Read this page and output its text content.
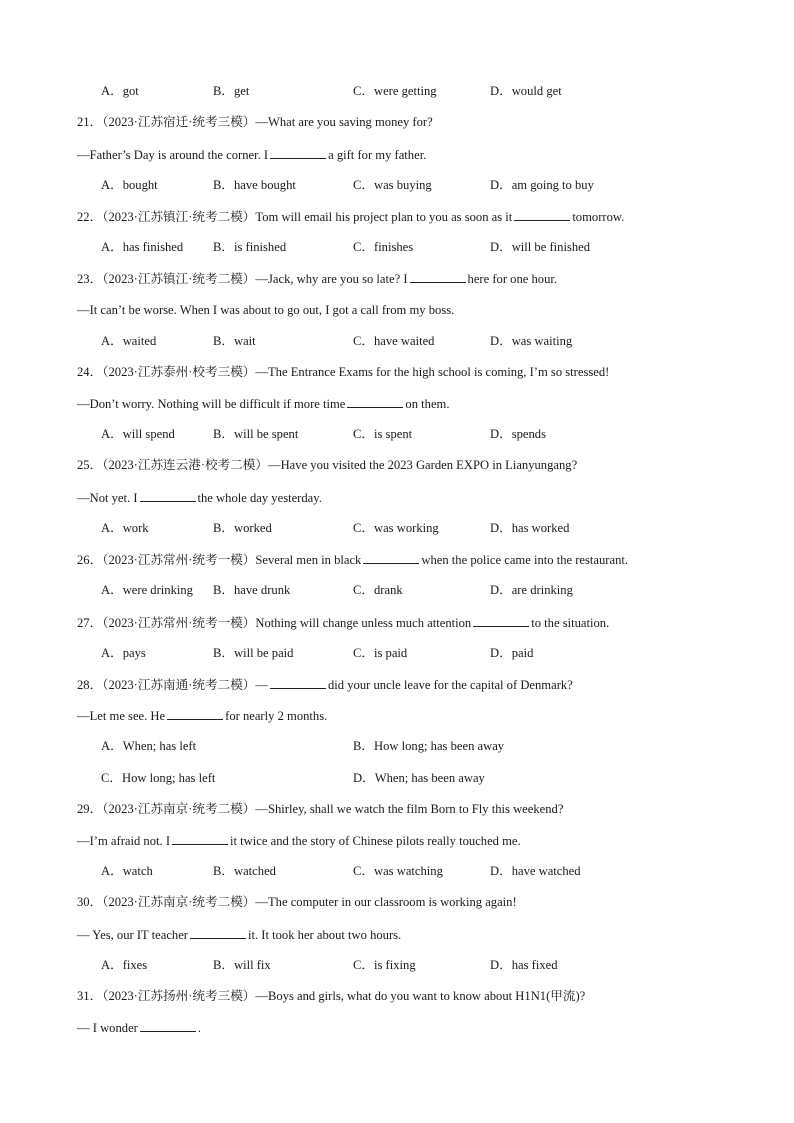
A．got	B．get	C．were getting	D．would get
21．（2023·江苏宿迁·统考三模）—What are you saving money for?
—Father’s Day is around the corner. I	a gift for my father.
A．bought	B．have bought	C．was buying	D．am going to buy
22．（2023·江苏镇江·统考二模）Tom will email his project plan to you as soon as it	tomorrow.
A．has finished B．is finished	C．finishes	D．will be finished
23．（2023·江苏镇江·统考二模）—Jack, why are you so late? I	here for one hour.
—It can’t be worse. When I was about to go out, I got a call from my boss.
A．waited	B．wait	C．have waited	D．was waiting
24．（2023·江苏泰州·校考三模）—The Entrance Exams for the high school is coming, I’m so stressed!
—Don’t worry. Nothing will be difficult if more time	on them.
A．will spend	B．will be spent	C．is spent	D．spends
25．（2023·江苏连云港·校考二模）—Have you visited the 2023 Garden EXPO in Lianyungang?
—Not yet. I	the whole day yesterday.
A．work	B．worked	C．was working	D．has worked
26．（2023·江苏常州·统考一模）Several men in black	when the police came into the restaurant.
A．were drinking B．have drunk	C．drank	D．are drinking
27．（2023·江苏常州·统考一模）Nothing will change unless much attention	to the situation.
A．pays	B．will be paid	C．is paid	D．paid
28．（2023·江苏南通·统考二模）—	did your uncle leave for the capital of Denmark?
—Let me see. He	for nearly 2 months.
A．When; has left	B．How long; has been away
C．How long; has left	D．When; has been away
29．（2023·江苏南京·统考二模）—Shirley, shall we watch the film Born to Fly this weekend?
—I’m afraid not. I	it twice and the story of Chinese pilots really touched me.
A．watch	B．watched	C．was watching	D．have watched
30．（2023·江苏南京·统考二模）—The computer in our classroom is working again!
— Yes, our IT teacher	it. It took her about two hours.
A．fixes	B．will fix	C．is fixing	D．has fixed
31．（2023·江苏扬州·统考三模）—Boys and girls, what do you want to know about H1N1(甲流)?
— I wonder	.
